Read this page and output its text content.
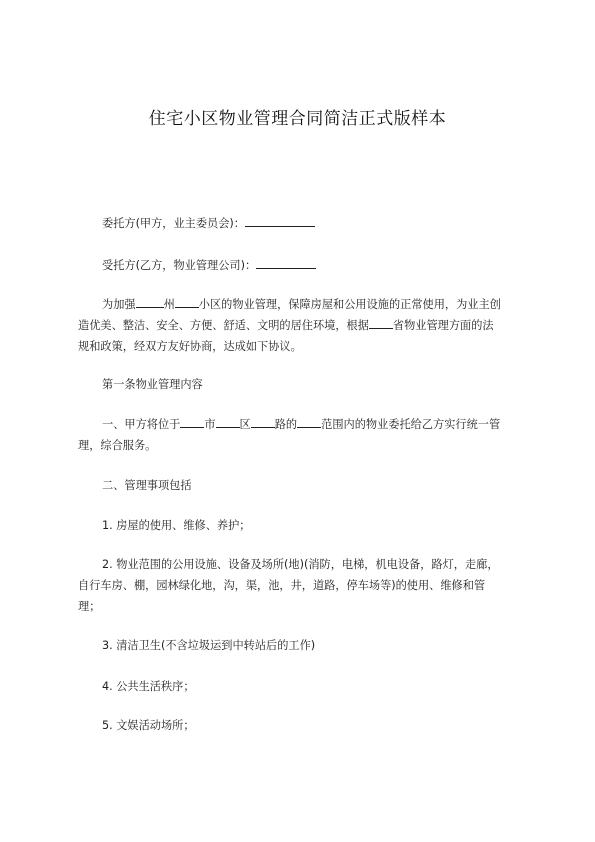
住宅小区物业管理合同简洁正式版样本
委托方(甲方，业主委员会)：
受托方(乙方，物业管理公司)：
为加强	州 小区的物业管理，保障房屋和公用设施的正常使用，为业主创
造优美、整洁、安全、方便、舒适、文明的居住环境，根据 省物业管理方面的法
规和政策，经双方友好协商，达成如下协议。
第一条物业管理内容
一、甲方将位于 市 区 路的 范围内的物业委托给乙方实行统一管
理，综合服务。
二、管理事项包括
1. 房屋的使用、维修、养护；
2. 物业范围的公用设施、设备及场所(地)(消防，电梯，机电设备，路灯，走廊，
自行车房、棚，园林绿化地，沟，渠，池，井，道路，停车场等)的使用、维修和管
理；
3. 清洁卫生(不含垃圾运到中转站后的工作)
4. 公共生活秩序；
5. 文娱活动场所；
